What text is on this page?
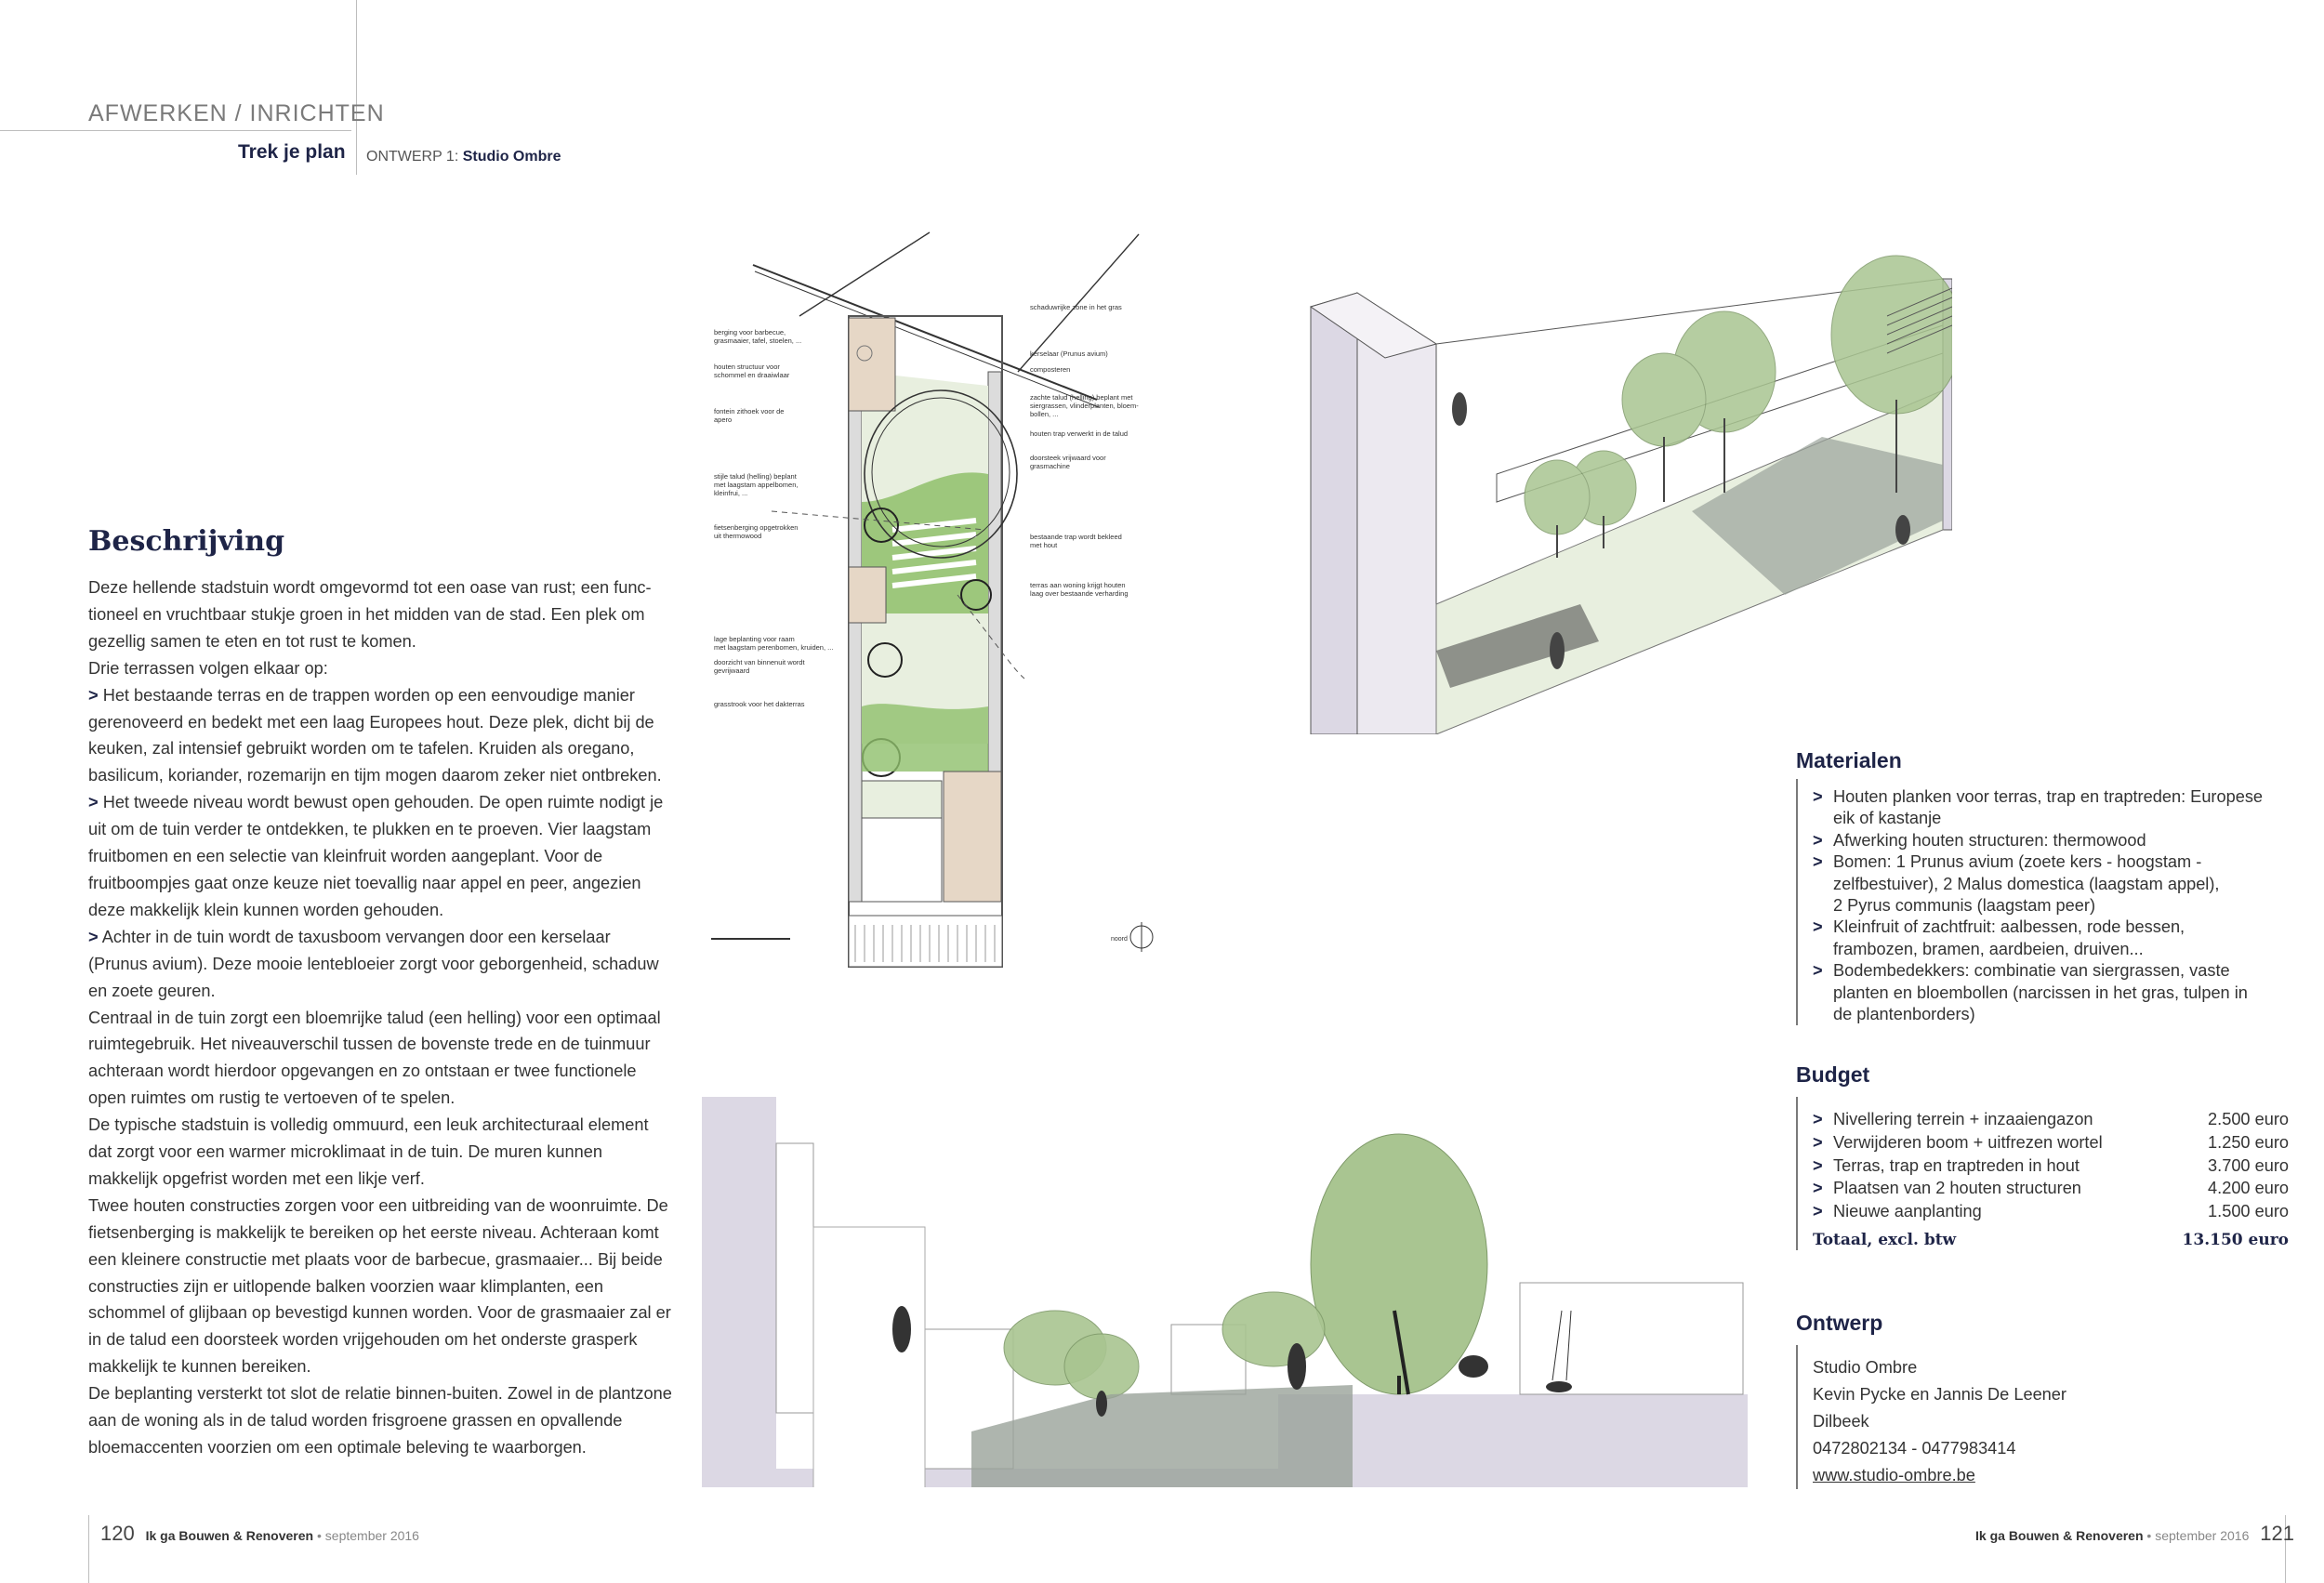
AFWERKEN / INRICHTEN
Trek je plan ONTWERP 1: Studio Ombre
Beschrijving

Deze hellende stadstuin wordt omgevormd tot een oase van rust; een func-tioneel en vruchtbaar stukje groen in het midden van de stad. Een plek om gezellig samen te eten en tot rust te komen.

Drie terrassen volgen elkaar op:

> Het bestaande terras en de trappen worden op een eenvoudige manier gerenoveerd en bedekt met een laag Europees hout. Deze plek, dicht bij de keuken, zal intensief gebruikt worden om te tafelen. Kruiden als oregano, basilicum, koriander, rozemarijn en tijm mogen daarom zeker niet ontbreken.

> Het tweede niveau wordt bewust open gehouden. De open ruimte nodigt je uit om de tuin verder te ontdekken, te plukken en te proeven. Vier laagstam fruitbomen en een selectie van kleinfruit worden aangeplant. Voor de fruitboompjes gaat onze keuze niet toevallig naar appel en peer, angezien deze makkelijk klein kunnen worden gehouden.

> Achter in de tuin wordt de taxusboom vervangen door een kerselaar (Prunus avium). Deze mooie lentebloeier zorgt voor geborgenheid, schaduw en zoete geuren.

Centraal in de tuin zorgt een bloemrijke talud (een helling) voor een optimaal ruimtegebruik. Het niveauverschil tussen de bovenste trede en de tuinmuur achteraan wordt hierdoor opgevangen en zo ontstaan er twee functionele open ruimtes om rustig te vertoeven of te spelen.

De typische stadstuin is volledig ommuurd, een leuk architecturaal element dat zorgt voor een warmer microklimaat in de tuin. De muren kunnen makkelijk opgefrist worden met een likje verf.

Twee houten constructies zorgen voor een uitbreiding van de woonruimte. De fietsenberging is makkelijk te bereiken op het eerste niveau. Achteraan komt een kleinere constructie met plaats voor de barbecue, grasmaaier... Bij beide constructies zijn er uitlopende balken voorzien waar klimplanten, een schommel of glijbaan op bevestigd kunnen worden. Voor de grasmaaier zal er in de talud een doorsteek worden vrijgehouden om het onderste grasperk makkelijk te kunnen bereiken.

De beplanting versterkt tot slot de relatie binnen-buiten. Zowel in de plantzone aan de woning als in de talud worden frisgroene grassen en opvallende bloemaccenten voorzien om een optimale beleving te waarborgen.

noord
berging voor barbecue,
grasmaaier, tafel, stoelen, ...
houten structuur voor
schommel en draaiwlaar
fontein zithoek voor de
apero
stijle talud (helling) beplant
met laagstam appelbomen,
kleinfrui, ...
fietsenberging opgetrokken
uit thermowood
lage beplanting voor raam
met laagstam perenbomen, kruiden, ...
doorzicht van binnenuit wordt
gevrijwaard
grasstrook voor het dakterras
schaduwrijke zone in het gras
kerselaar (Prunus avium)
composteren
zachte talud (helling) beplant met
siergrassen, vlinderplanten, bloem-
bollen, ...
houten trap verwerkt in de talud
doorsteek vrijwaard voor
grasmachine
bestaande trap wordt bekleed
met hout
terras aan woning krijgt houten
laag over bestaande verharding
Materialen
> Houten planken voor terras, trap en traptreden: Europese
eik of kastanje
> Afwerking houten structuren: thermowood
> Bomen: 1 Prunus avium (zoete kers - hoogstam -
zelfbestuiver), 2 Malus domestica (laagstam appel),
2 Pyrus communis (laagstam peer)
> Kleinfruit of zachtfruit: aalbessen, rode bessen,
frambozen, bramen, aardbeien, druiven...
> Bodembedekkers: combinatie van siergrassen, vaste
planten en bloembollen (narcissen in het gras, tulpen in
de plantenborders)
Budget
> Nivellering terrein + inzaaiengazon	2.500 euro
> Verwijderen boom + uitfrezen wortel	1.250 euro
> Terras, trap en traptreden in hout	3.700 euro
> Plaatsen van 2 houten structuren	4.200 euro
> Nieuwe aanplanting	1.500 euro
Totaal, excl. btw	13.150 euro
Ontwerp
Studio Ombre
Kevin Pycke en Jannis De Leener
Dilbeek
0472802134 - 0477983414
www.studio-ombre.be
120 Ik ga Bouwen & Renoveren • september 2016	Ik ga Bouwen & Renoveren • september 2016 121
